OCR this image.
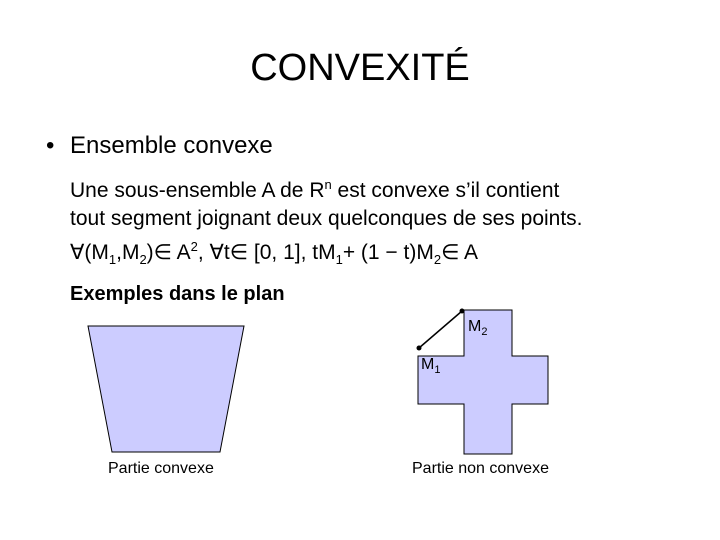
CONVEXITÉ
• Ensemble convexe
Une sous-ensemble A de $R^n$ est convexe s’il contient
tout segment joignant deux quelconques de ses points.
$\forall(M_1,M_2)\in$ $A^2$, ∀t∈ [0, 1], $tM_1+ (1$ − $t)M_2\in$ A
Exemples dans le plan
$M_2$
$M_1$
Partie convexe	Partie non convexe
